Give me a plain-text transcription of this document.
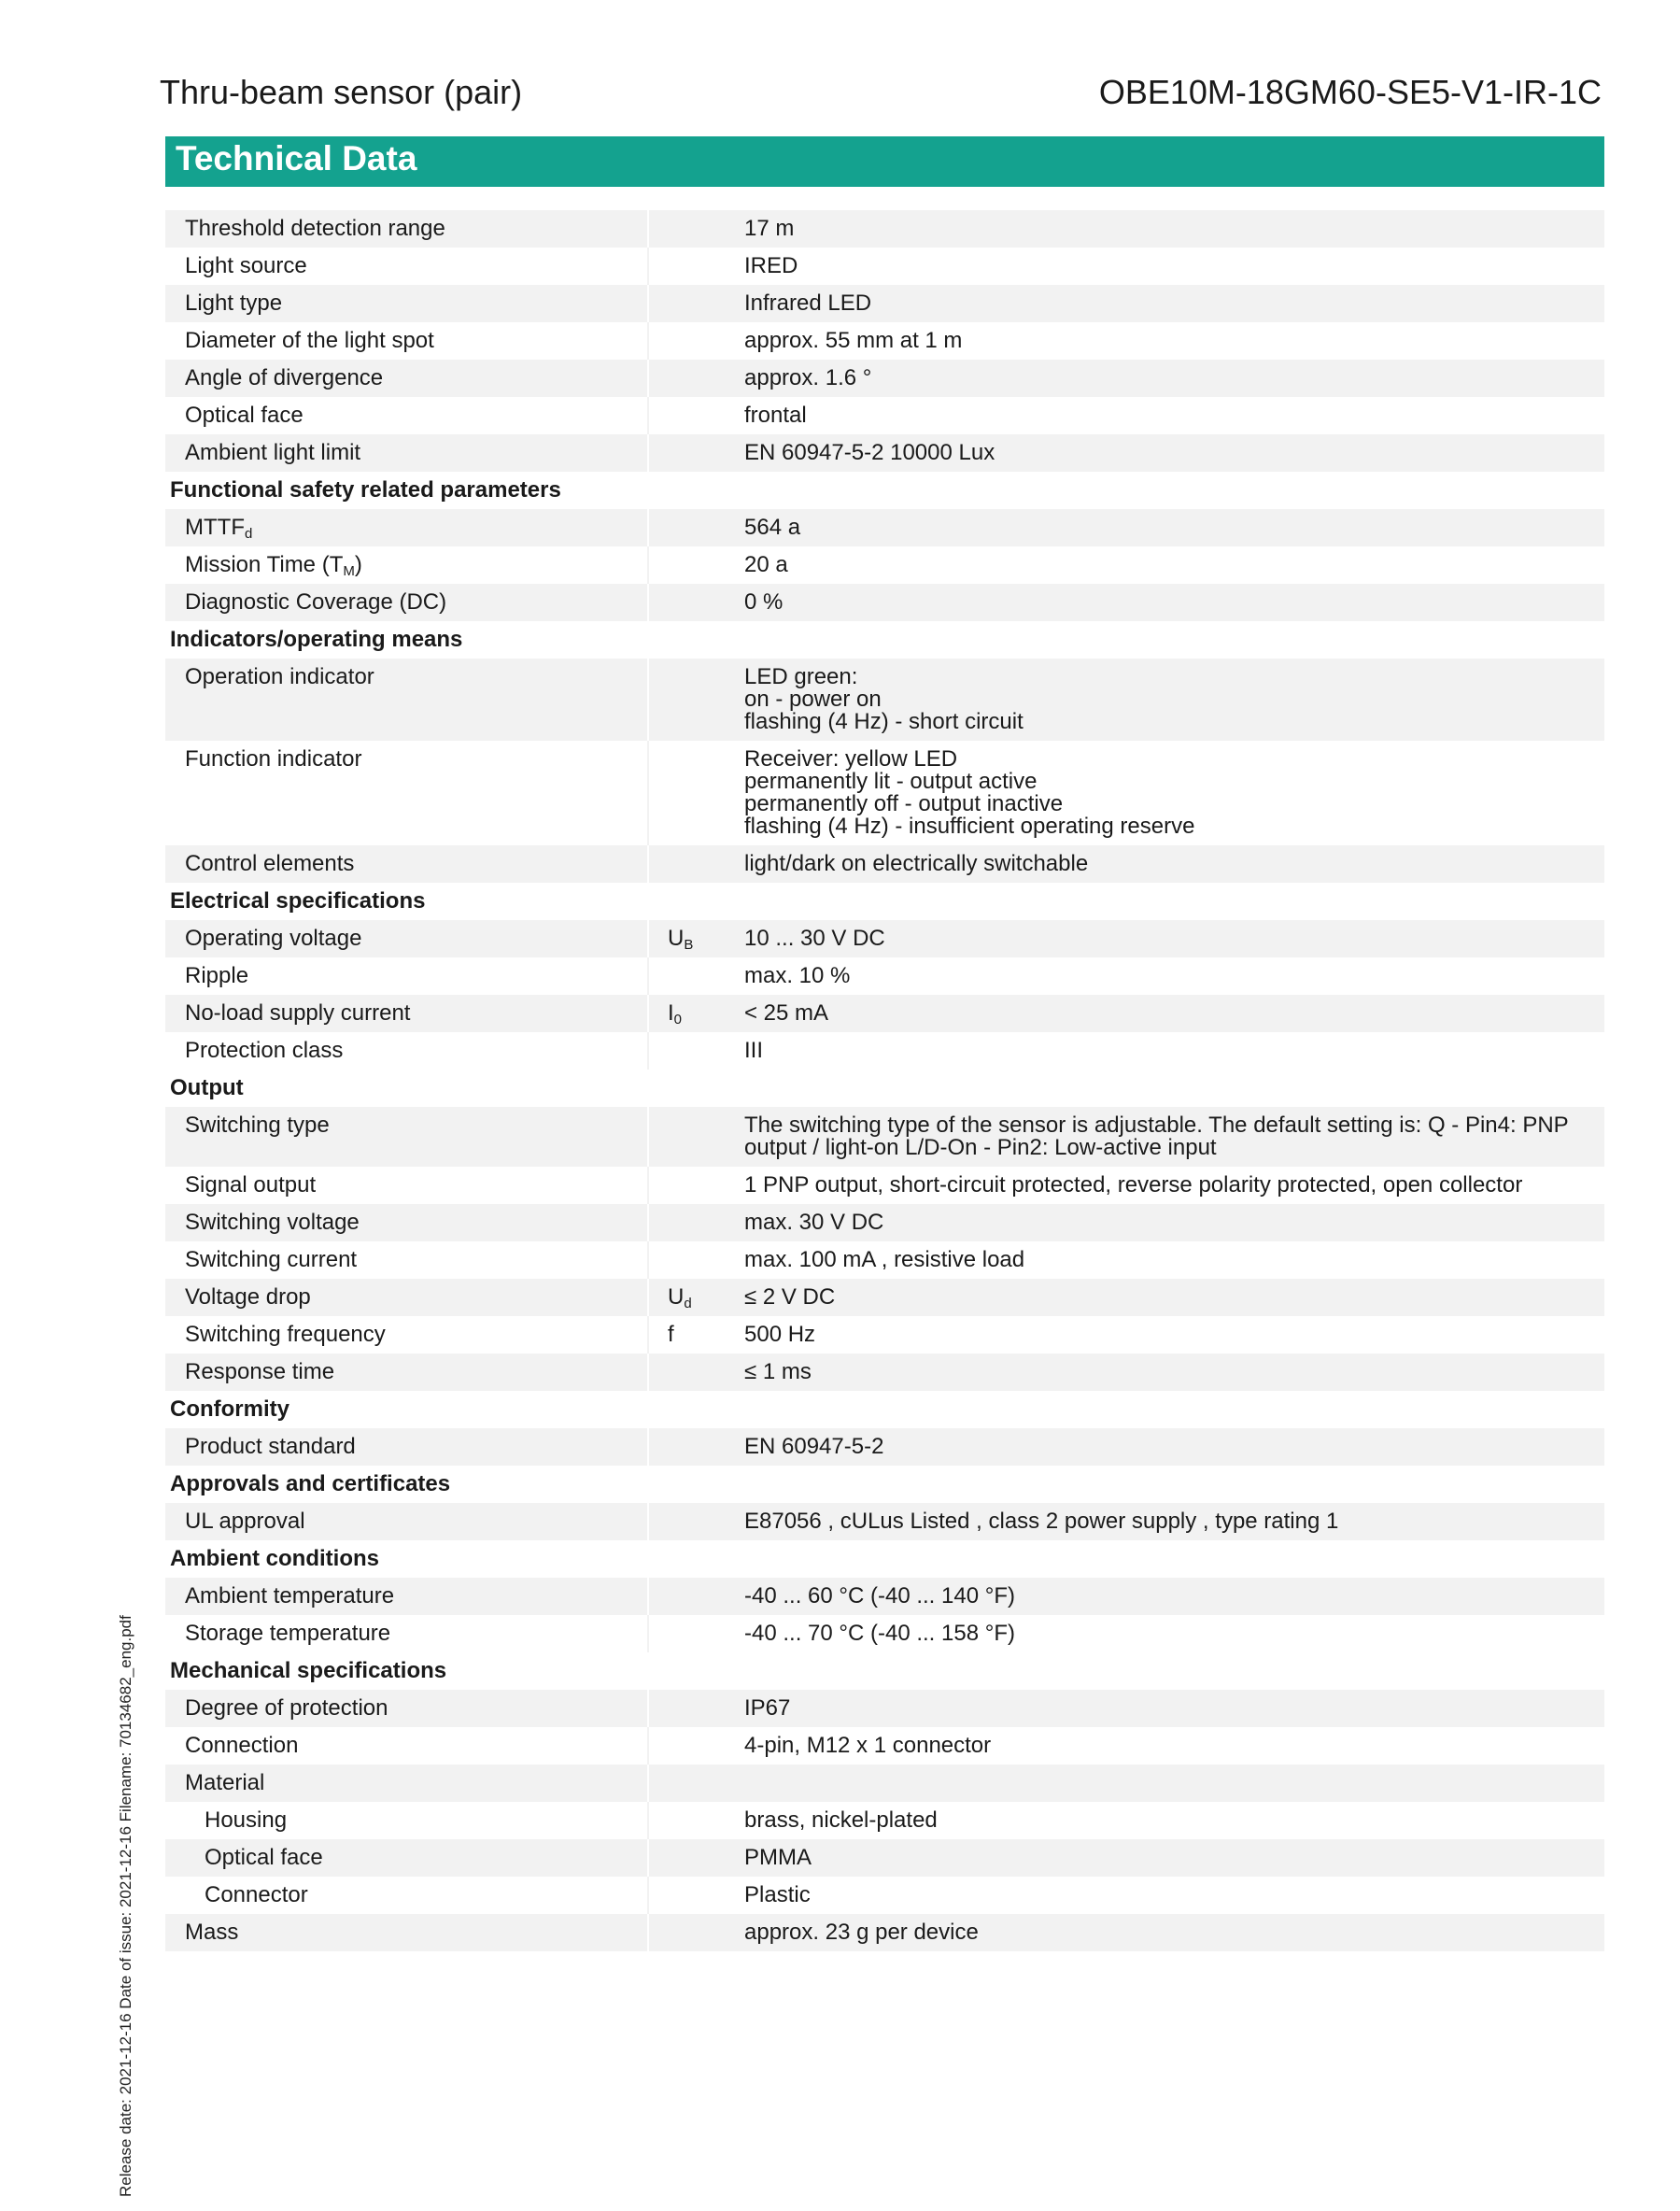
Thru-beam sensor (pair)	OBE10M-18GM60-SE5-V1-IR-1C
Technical Data
Threshold detection range	17 m
Light source	IRED
Light type	Infrared LED
Diameter of the light spot	approx. 55 mm at 1 m
Angle of divergence	approx. 1.6 °
Optical face	frontal
Ambient light limit	EN 60947-5-2 10000 Lux
Functional safety related parameters
$MTTF_d$	564 a
Mission Time $(T_M)$	20 a
Diagnostic Coverage (DC)	0 %
Indicators/operating means
Operation indicator	LED green:
on - power on
flashing (4 Hz) - short circuit
Function indicator	Receiver: yellow LED
permanently lit - output active
permanently off - output inactive
flashing (4 Hz) - insufficient operating reserve
Control elements	light/dark on electrically switchable
Electrical specifications
Operating voltage	$U_B$	10 ... 30 V DC
Ripple	max. 10 %
No-load supply current	$I_0$	< 25 mA
Protection class	III
Output
Switching type	The switching type of the sensor is adjustable. The default setting is: Q - Pin4: PNP output / light-on L/D-On - Pin2: Low-active input
Signal output	1 PNP output, short-circuit protected, reverse polarity protected, open collector
Switching voltage	max. 30 V DC
Switching current	max. 100 mA , resistive load
Voltage drop	$U_d$	≤ 2 V DC
Switching frequency	f	500 Hz
Response time	≤ 1 ms
Conformity
Product standard	EN 60947-5-2
Approvals and certificates
UL approval	E87056 , cULus Listed , class 2 power supply , type rating 1
Ambient conditions
Ambient temperature	-40 ... 60 °C (-40 ... 140 °F)
Storage temperature	-40 ... 70 °C (-40 ... 158 °F)
Mechanical specifications
Degree of protection	IP67
Connection	4-pin, M12 x 1 connector
Material
Housing	brass, nickel-plated
Optical face	PMMA
Connector	Plastic
Mass	approx. 23 g per device
Release date: 2021-12-16 Date of issue: 2021-12-16 Filename: 70134682_eng.pdf
